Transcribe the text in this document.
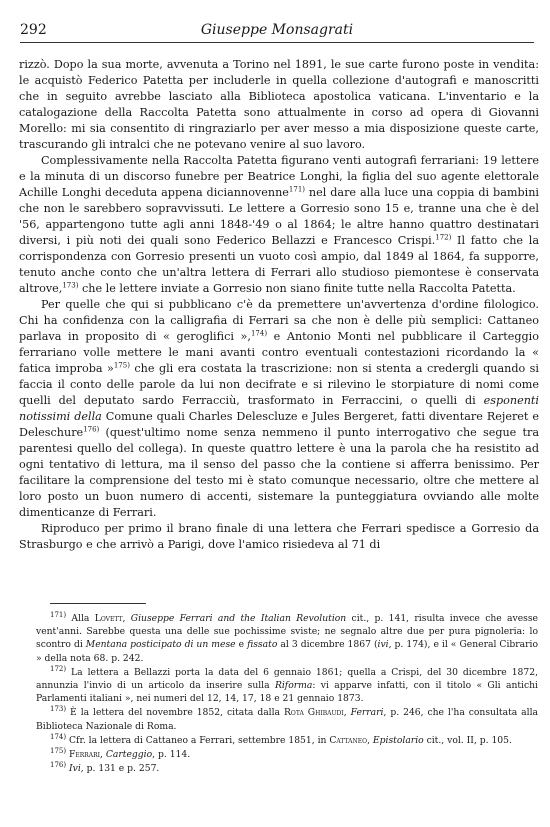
292	Giuseppe Monsagrati

rizzò. Dopo la sua morte, avvenuta a Torino nel 1891, le sue carte furono poste in vendita: le acquistò Federico Patetta per includerle in quella collezione d'autografi e manoscritti che in seguito avrebbe lasciato alla Biblioteca apostolica vaticana. L'inventario e la catalogazione della Raccolta Patetta sono attualmente in corso ad opera di Giovanni Morello: mi sia consentito di ringraziarlo per aver messo a mia disposizione queste carte, trascurando gli intralci che ne potevano venire al suo lavoro.

Complessivamente nella Raccolta Patetta figurano venti autografi ferrariani: 19 lettere e la minuta di un discorso funebre per Beatrice Longhi, la figlia del suo agente elettorale Achille Longhi deceduta appena diciannovenne$^{171)}$ nel dare alla luce una coppia di bambini che non le sarebbero sopravvissuti. Le lettere a Gorresio sono 15 e, tranne una che è del '56, appartengono tutte agli anni 1848-'49 o al 1864; le altre hanno quattro destinatari diversi, i più noti dei quali sono Federico Bellazzi e Francesco Crispi.$^{172)}$ Il fatto che la corrispondenza con Gorresio presenti un vuoto così ampio, dal 1849 al 1864, fa supporre, tenuto anche conto che un'altra lettera di Ferrari allo studioso piemontese è conservata altrove,$^{173)}$ che le lettere inviate a Gorresio non siano finite tutte nella Raccolta Patetta.

Per quelle che qui si pubblicano c'è da premettere un'avvertenza d'ordine filologico. Chi ha confidenza con la calligrafia di Ferrari sa che non è delle più semplici: Cattaneo parlava in proposito di « geroglifici »,$^{174)}$ e Antonio Monti nel pubblicare il Carteggio ferrariano volle mettere le mani avanti contro eventuali contestazioni ricordando la « fatica improba »$^{175)}$ che gli era costata la trascrizione: non si stenta a credergli quando si faccia il conto delle parole da lui non decifrate e si rilevino le storpiature di nomi come quelli del deputato sardo Ferracciù, trasformato in Ferraccini, o quelli di esponenti notissimi della Comune quali Charles Delescluze e Jules Bergeret, fatti diventare Rejeret e Deleschure$^{176)}$ (quest'ultimo nome senza nemmeno il punto interrogativo che segue tra parentesi quello del collega). In queste quattro lettere è una la parola che ha resistito ad ogni tentativo di lettura, ma il senso del passo che la contiene si afferra benissimo. Per facilitare la comprensione del testo mi è stato comunque necessario, oltre che mettere al loro posto un buon numero di accenti, sistemare la punteggiatura ovviando alle molte dimenticanze di Ferrari.

Riproduco per primo il brano finale di una lettera che Ferrari spedisce a Gorresio da Strasburgo e che arrivò a Parigi, dove l'amico risiedeva al 71 di

$^{171)}$ Alla Lovett, Giuseppe Ferrari and the Italian Revolution cit., p. 141, risulta invece che avesse vent'anni. Sarebbe questa una delle sue pochissime sviste; ne segnalo altre due per pura pignoleria: lo scontro di Mentana posticipato di un mese e fissato al 3 dicembre 1867 (ivi, p. 174), e il « General Cibrario » della nota 68. p. 242.

$^{172)}$ La lettera a Bellazzi porta la data del 6 gennaio 1861; quella a Crispi, del 30 dicembre 1872, annunzia l'invio di un articolo da inserire sulla Riforma: vi apparve infatti, con il titolo « Gli antichi Parlamenti italiani », nei numeri del 12, 14, 17, 18 e 21 gennaio 1873.

$^{173)}$ È la lettera del novembre 1852, citata dalla Rota Ghibaudi, Ferrari, p. 246, che l'ha consultata alla Biblioteca Nazionale di Roma.

$^{174)}$ Cfr. la lettera di Cattaneo a Ferrari, settembre 1851, in Cattaneo, Epistolario cit., vol. II, p. 105.

$^{175)}$ Ferrari, Carteggio, p. 114.

$^{176)}$ Ivi, p. 131 e p. 257.
